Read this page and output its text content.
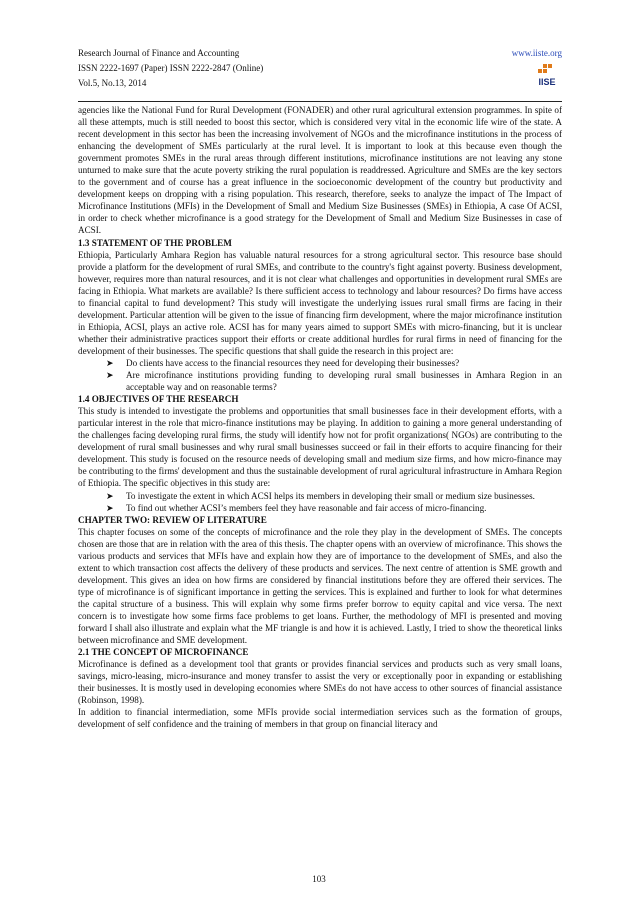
Research Journal of Finance and Accounting
ISSN 2222-1697 (Paper) ISSN 2222-2847 (Online)
Vol.5, No.13, 2014
www.iiste.org
IISE

agencies like the National Fund for Rural Development (FONADER) and other rural agricultural extension programmes. In spite of all these attempts, much is still needed to boost this sector, which is considered very vital in the economic life wire of the state. A recent development in this sector has been the increasing involvement of NGOs and the microfinance institutions in the process of enhancing the development of SMEs particularly at the rural level. It is important to look at this because even though the government promotes SMEs in the rural areas through different institutions, microfinance institutions are not leaving any stone unturned to make sure that the acute poverty striking the rural population is readdressed. Agriculture and SMEs are the key sectors to the government and of course has a great influence in the socioeconomic development of the country but productivity and development keeps on dropping with a rising population. This research, therefore, seeks to analyze the impact of The Impact of Microfinance Institutions (MFIs) in the Development of Small and Medium Size Businesses (SMEs) in Ethiopia, A case Of ACSI, in order to check whether microfinance is a good strategy for the Development of Small and Medium Size Businesses in case of ACSI.

1.3 STATEMENT OF THE PROBLEM

Ethiopia, Particularly Amhara Region has valuable natural resources for a strong agricultural sector. This resource base should provide a platform for the development of rural SMEs, and contribute to the country's fight against poverty. Business development, however, requires more than natural resources, and it is not clear what challenges and opportunities in development rural SMEs are facing in Ethiopia. What markets are available? Is there sufficient access to technology and labour resources? Do firms have access to financial capital to fund development? This study will investigate the underlying issues rural small firms are facing in their development. Particular attention will be given to the issue of financing firm development, where the major microfinance institution in Ethiopia, ACSI, plays an active role. ACSI has for many years aimed to support SMEs with micro-financing, but it is unclear whether their administrative practices support their efforts or create additional hurdles for rural firms in need of financing for the development of their businesses. The specific questions that shall guide the research in this project are:

➤ Do clients have access to the financial resources they need for developing their businesses?
➤ Are microfinance institutions providing funding to developing rural small businesses in Amhara Region in an acceptable way and on reasonable terms?

1.4 OBJECTIVES OF THE RESEARCH

This study is intended to investigate the problems and opportunities that small businesses face in their development efforts, with a particular interest in the role that micro-finance institutions may be playing. In addition to gaining a more general understanding of the challenges facing developing rural firms, the study will identify how not for profit organizations( NGOs) are contributing to the development of rural small businesses and why rural small businesses succeed or fail in their efforts to acquire financing for their development. This study is focused on the resource needs of developing small and medium size firms, and how micro-finance may be contributing to the firms' development and thus the sustainable development of rural agricultural infrastructure in Amhara Region of Ethiopia. The specific objectives in this study are:

➤ To investigate the extent in which ACSI helps its members in developing their small or medium size businesses.
➤ To find out whether ACSI’s members feel they have reasonable and fair access of micro-financing.

CHAPTER TWO: REVIEW OF LITERATURE

This chapter focuses on some of the concepts of microfinance and the role they play in the development of SMEs. The concepts chosen are those that are in relation with the area of this thesis. The chapter opens with an overview of microfinance. This shows the various products and services that MFIs have and explain how they are of importance to the development of SMEs, and also the extent to which transaction cost affects the delivery of these products and services. The next centre of attention is SME growth and development. This gives an idea on how firms are considered by financial institutions before they are offered their services. The type of microfinance is of significant importance in getting the services. This is explained and further to look for what determines the capital structure of a business. This will explain why some firms prefer borrow to equity capital and vice versa. The next concern is to investigate how some firms face problems to get loans. Further, the methodology of MFI is presented and moving forward I shall also illustrate and explain what the MF triangle is and how it is achieved. Lastly, I tried to show the theoretical links between microfinance and SME development.

2.1 THE CONCEPT OF MICROFINANCE

Microfinance is defined as a development tool that grants or provides financial services and products such as very small loans, savings, micro-leasing, micro-insurance and money transfer to assist the very or exceptionally poor in expanding or establishing their businesses. It is mostly used in developing economies where SMEs do not have access to other sources of financial assistance (Robinson, 1998).

In addition to financial intermediation, some MFIs provide social intermediation services such as the formation of groups, development of self confidence and the training of members in that group on financial literacy and

103
